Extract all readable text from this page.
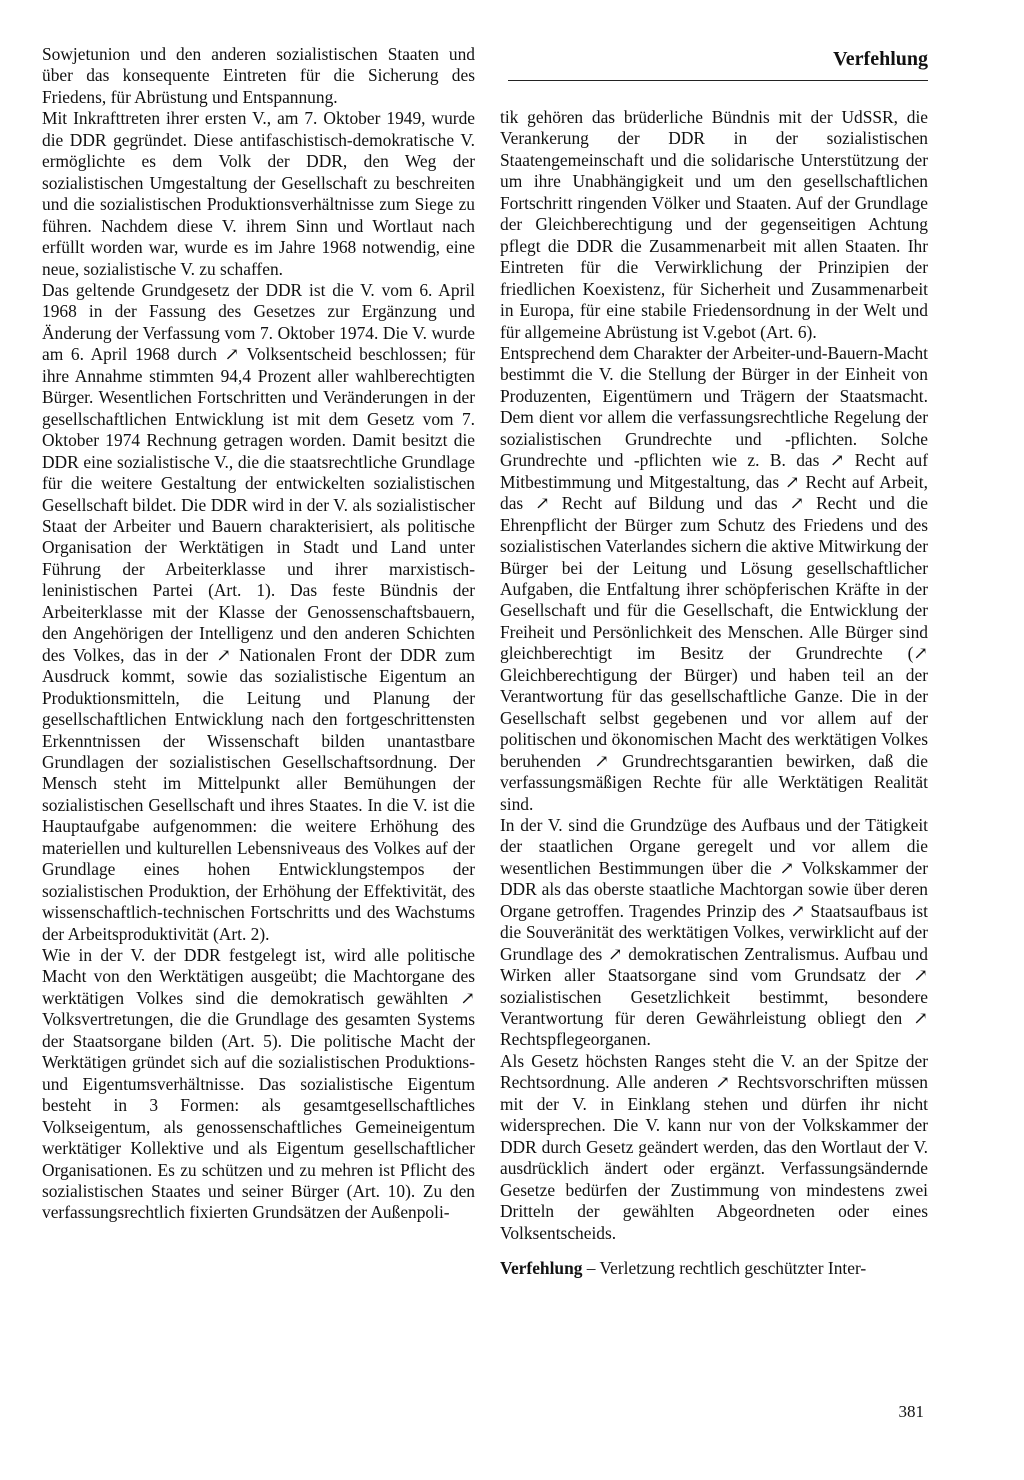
Verfehlung

Sowjetunion und den anderen sozialistischen Staaten und über das konsequente Eintreten für die Sicherung des Friedens, für Abrüstung und Entspannung.

Mit Inkrafttreten ihrer ersten V., am 7. Oktober 1949, wurde die DDR gegründet. Diese antifaschistisch-demokratische V. ermöglichte es dem Volk der DDR, den Weg der sozialistischen Umgestaltung der Gesellschaft zu beschreiten und die sozialistischen Produktionsverhältnisse zum Siege zu führen. Nachdem diese V. ihrem Sinn und Wortlaut nach erfüllt worden war, wurde es im Jahre 1968 notwendig, eine neue, sozialistische V. zu schaffen.

Das geltende Grundgesetz der DDR ist die V. vom 6. April 1968 in der Fassung des Gesetzes zur Ergänzung und Änderung der Verfassung vom 7. Oktober 1974. Die V. wurde am 6. April 1968 durch ↗ Volksentscheid beschlossen; für ihre Annahme stimmten 94,4 Prozent aller wahlberechtigten Bürger. Wesentlichen Fortschritten und Veränderungen in der gesellschaftlichen Entwicklung ist mit dem Gesetz vom 7. Oktober 1974 Rechnung getragen worden. Damit besitzt die DDR eine sozialistische V., die die staatsrechtliche Grundlage für die weitere Gestaltung der entwickelten sozialistischen Gesellschaft bildet. Die DDR wird in der V. als sozialistischer Staat der Arbeiter und Bauern charakterisiert, als politische Organisation der Werktätigen in Stadt und Land unter Führung der Arbeiterklasse und ihrer marxistisch-leninistischen Partei (Art. 1). Das feste Bündnis der Arbeiterklasse mit der Klasse der Genossenschaftsbauern, den Angehörigen der Intelligenz und den anderen Schichten des Volkes, das in der ↗ Nationalen Front der DDR zum Ausdruck kommt, sowie das sozialistische Eigentum an Produktionsmitteln, die Leitung und Planung der gesellschaftlichen Entwicklung nach den fortgeschrittensten Erkenntnissen der Wissenschaft bilden unantastbare Grundlagen der sozialistischen Gesellschaftsordnung. Der Mensch steht im Mittelpunkt aller Bemühungen der sozialistischen Gesellschaft und ihres Staates. In die V. ist die Hauptaufgabe aufgenommen: die weitere Erhöhung des materiellen und kulturellen Lebensniveaus des Volkes auf der Grundlage eines hohen Entwicklungstempos der sozialistischen Produktion, der Erhöhung der Effektivität, des wissenschaftlich-technischen Fortschritts und des Wachstums der Arbeitsproduktivität (Art. 2).

Wie in der V. der DDR festgelegt ist, wird alle politische Macht von den Werktätigen ausgeübt; die Machtorgane des werktätigen Volkes sind die demokratisch gewählten ↗ Volksvertretungen, die die Grundlage des gesamten Systems der Staatsorgane bilden (Art. 5). Die politische Macht der Werktätigen gründet sich auf die sozialistischen Produktions- und Eigentumsverhältnisse. Das sozialistische Eigentum besteht in 3 Formen: als gesamtgesellschaftliches Volkseigentum, als genossenschaftliches Gemeineigentum werktätiger Kollektive und als Eigentum gesellschaftlicher Organisationen. Es zu schützen und zu mehren ist Pflicht des sozialistischen Staates und seiner Bürger (Art. 10). Zu den verfassungsrechtlich fixierten Grundsätzen der Außenpoli-

tik gehören das brüderliche Bündnis mit der UdSSR, die Verankerung der DDR in der sozialistischen Staatengemeinschaft und die solidarische Unterstützung der um ihre Unabhängigkeit und um den gesellschaftlichen Fortschritt ringenden Völker und Staaten. Auf der Grundlage der Gleichberechtigung und der gegenseitigen Achtung pflegt die DDR die Zusammenarbeit mit allen Staaten. Ihr Eintreten für die Verwirklichung der Prinzipien der friedlichen Koexistenz, für Sicherheit und Zusammenarbeit in Europa, für eine stabile Friedensordnung in der Welt und für allgemeine Abrüstung ist V.gebot (Art. 6).

Entsprechend dem Charakter der Arbeiter-und-Bauern-Macht bestimmt die V. die Stellung der Bürger in der Einheit von Produzenten, Eigentümern und Trägern der Staatsmacht. Dem dient vor allem die verfassungsrechtliche Regelung der sozialistischen Grundrechte und -pflichten. Solche Grundrechte und -pflichten wie z. B. das ↗ Recht auf Mitbestimmung und Mitgestaltung, das ↗ Recht auf Arbeit, das ↗ Recht auf Bildung und das ↗ Recht und die Ehrenpflicht der Bürger zum Schutz des Friedens und des sozialistischen Vaterlandes sichern die aktive Mitwirkung der Bürger bei der Leitung und Lösung gesellschaftlicher Aufgaben, die Entfaltung ihrer schöpferischen Kräfte in der Gesellschaft und für die Gesellschaft, die Entwicklung der Freiheit und Persönlichkeit des Menschen. Alle Bürger sind gleichberechtigt im Besitz der Grundrechte (↗ Gleichberechtigung der Bürger) und haben teil an der Verantwortung für das gesellschaftliche Ganze. Die in der Gesellschaft selbst gegebenen und vor allem auf der politischen und ökonomischen Macht des werktätigen Volkes beruhenden ↗ Grundrechtsgarantien bewirken, daß die verfassungsmäßigen Rechte für alle Werktätigen Realität sind.

In der V. sind die Grundzüge des Aufbaus und der Tätigkeit der staatlichen Organe geregelt und vor allem die wesentlichen Bestimmungen über die ↗ Volkskammer der DDR als das oberste staatliche Machtorgan sowie über deren Organe getroffen. Tragendes Prinzip des ↗ Staatsaufbaus ist die Souveränität des werktätigen Volkes, verwirklicht auf der Grundlage des ↗ demokratischen Zentralismus. Aufbau und Wirken aller Staatsorgane sind vom Grundsatz der ↗ sozialistischen Gesetzlichkeit bestimmt, besondere Verantwortung für deren Gewährleistung obliegt den ↗ Rechtspflegeorganen.

Als Gesetz höchsten Ranges steht die V. an der Spitze der Rechtsordnung. Alle anderen ↗ Rechtsvorschriften müssen mit der V. in Einklang stehen und dürfen ihr nicht widersprechen. Die V. kann nur von der Volkskammer der DDR durch Gesetz geändert werden, das den Wortlaut der V. ausdrücklich ändert oder ergänzt. Verfassungsändernde Gesetze bedürfen der Zustimmung von mindestens zwei Dritteln der gewählten Abgeordneten oder eines Volksentscheids.

Verfehlung – Verletzung rechtlich geschützter Inter-

381
